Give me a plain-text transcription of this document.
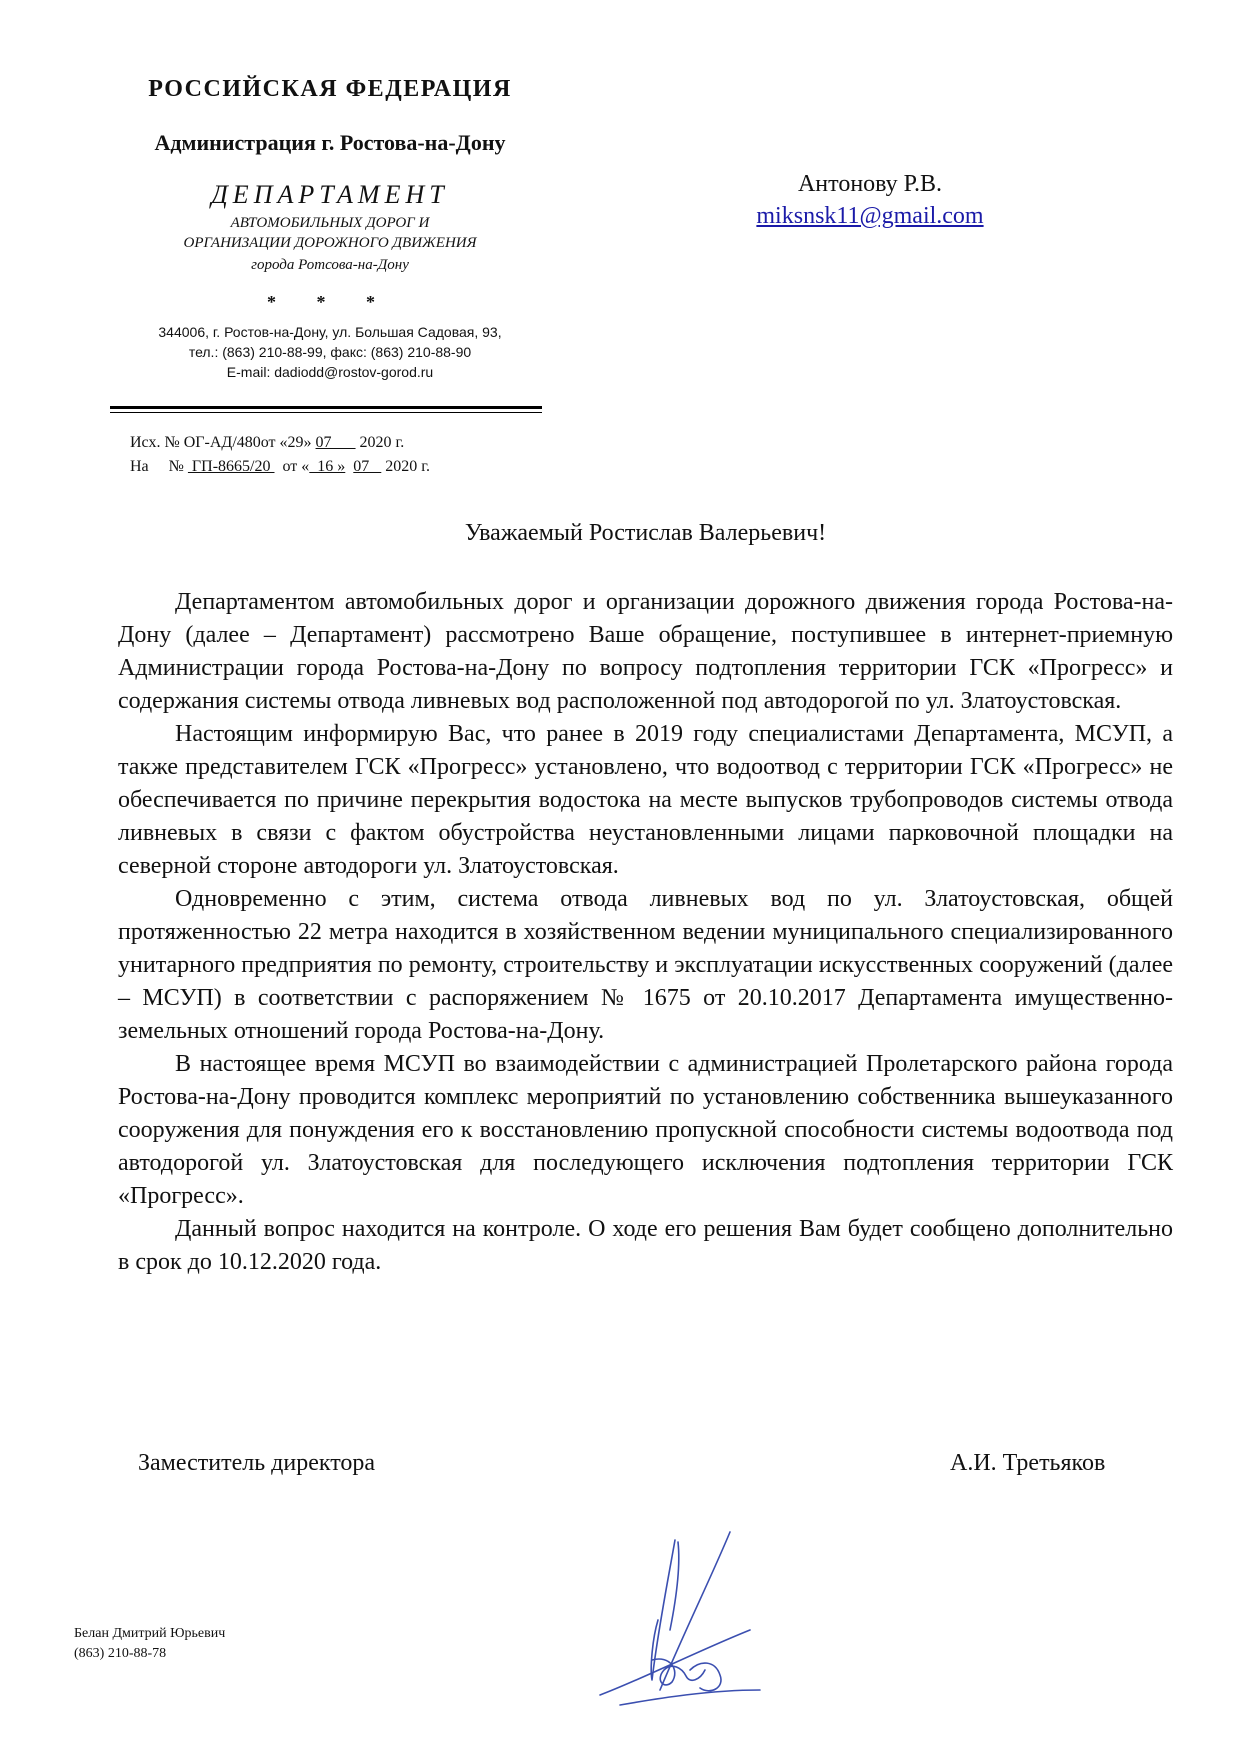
РОССИЙСКАЯ ФЕДЕРАЦИЯ
Администрация г. Ростова-на-Дону
ДЕПАРТАМЕНТ
АВТОМОБИЛЬНЫХ ДОРОГ И
ОРГАНИЗАЦИИ ДОРОЖНОГО ДВИЖЕНИЯ
города Ротсова-на-Дону
* * *
344006, г. Ростов-на-Дону, ул. Большая Садовая, 93,
тел.: (863) 210-88-99, факс: (863) 210-88-90
E-mail: dadiodd@rostov-gorod.ru
Исх. № ОГ-АД/480от «29» 07       2020 г.
На     №  ГП-8665/20   от «  16 » 07    2020 г.
Антонову Р.В.
miksnsk11@gmail.com
Уважаемый Ростислав Валерьевич!

Департаментом автомобильных дорог и организации дорожного движения города Ростова-на-Дону (далее – Департамент) рассмотрено Ваше обращение, поступившее в интернет-приемную Администрации города Ростова-на-Дону по вопросу подтопления территории ГСК «Прогресс» и содержания системы отвода ливневых вод расположенной под автодорогой по ул. Златоустовская.

Настоящим информирую Вас, что ранее в 2019 году специалистами Департамента, МСУП, а также представителем ГСК «Прогресс» установлено, что водоотвод с территории ГСК «Прогресс» не обеспечивается по причине перекрытия водостока на месте выпусков трубопроводов системы отвода ливневых в связи с фактом обустройства неустановленными лицами парковочной площадки на северной стороне автодороги ул. Златоустовская.

Одновременно с этим, система отвода ливневых вод по ул. Златоустовская, общей протяженностью 22 метра находится в хозяйственном ведении муниципального специализированного унитарного предприятия по ремонту, строительству и эксплуатации искусственных сооружений (далее – МСУП) в соответствии с распоряжением № 1675 от 20.10.2017 Департамента имущественно-земельных отношений города Ростова-на-Дону.

В настоящее время МСУП во взаимодействии с администрацией Пролетарского района города Ростова-на-Дону проводится комплекс мероприятий по установлению собственника вышеуказанного сооружения для понуждения его к восстановлению пропускной способности системы водоотвода под автодорогой ул. Златоустовская для последующего исключения подтопления территории ГСК «Прогресс».

Данный вопрос находится на контроле. О ходе его решения Вам будет сообщено дополнительно в срок до 10.12.2020 года.

Заместитель директора	А.И. Третьяков
Белан Дмитрий Юрьевич
(863) 210-88-78
